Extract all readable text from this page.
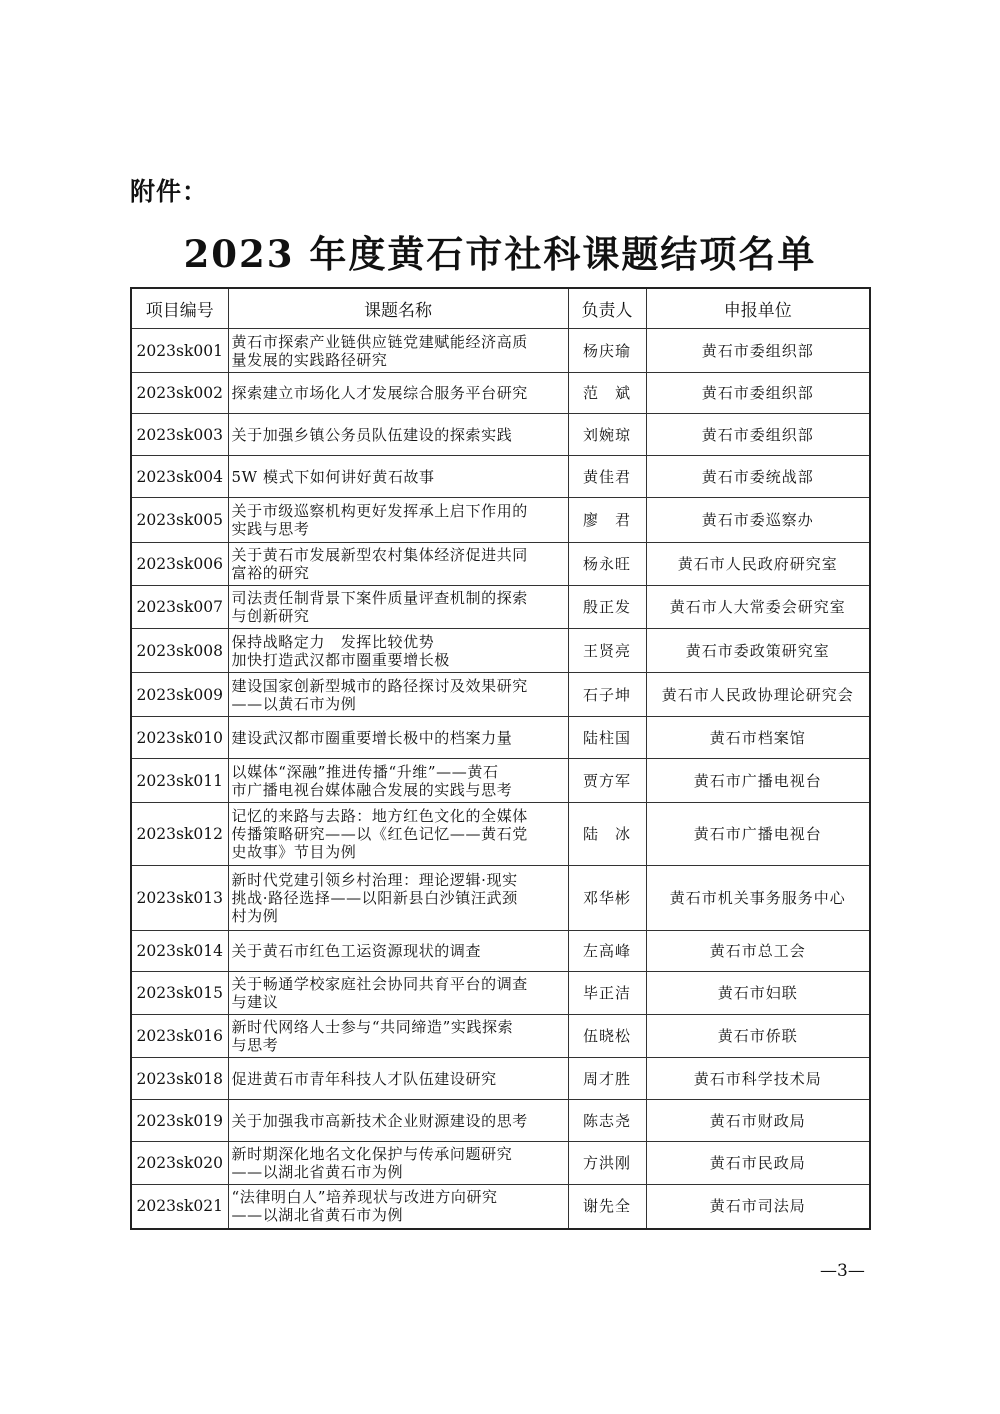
附件：
2023 年度黄石市社科课题结项名单
项目编号	课题名称	负责人	申报单位
2023sk001	黄石市探索产业链供应链党建赋能经济高质
量发展的实践路径研究	杨庆瑜	黄石市委组织部
2023sk002	探索建立市场化人才发展综合服务平台研究	范　斌	黄石市委组织部
2023sk003	关于加强乡镇公务员队伍建设的探索实践	刘婉琼	黄石市委组织部
2023sk004	5W 模式下如何讲好黄石故事	黄佳君	黄石市委统战部
2023sk005	关于市级巡察机构更好发挥承上启下作用的
实践与思考	廖　君	黄石市委巡察办
2023sk006	关于黄石市发展新型农村集体经济促进共同
富裕的研究	杨永旺	黄石市人民政府研究室
2023sk007	司法责任制背景下案件质量评查机制的探索
与创新研究	殷正发	黄石市人大常委会研究室
2023sk008	保持战略定力　发挥比较优势
加快打造武汉都市圈重要增长极	王贤亮	黄石市委政策研究室
2023sk009	建设国家创新型城市的路径探讨及效果研究
——以黄石市为例	石子坤	黄石市人民政协理论研究会
2023sk010	建设武汉都市圈重要增长极中的档案力量	陆柱国	黄石市档案馆
2023sk011	以媒体“深融”推进传播“升维”——黄石
市广播电视台媒体融合发展的实践与思考	贾方军	黄石市广播电视台
2023sk012	记忆的来路与去路：地方红色文化的全媒体
传播策略研究——以《红色记忆——黄石党
史故事》节目为例	陆　冰	黄石市广播电视台
2023sk013	新时代党建引领乡村治理：理论逻辑·现实
挑战·路径选择——以阳新县白沙镇汪武颈
村为例	邓华彬	黄石市机关事务服务中心
2023sk014	关于黄石市红色工运资源现状的调查	左高峰	黄石市总工会
2023sk015	关于畅通学校家庭社会协同共育平台的调查
与建议	毕正洁	黄石市妇联
2023sk016	新时代网络人士参与“共同缔造”实践探索
与思考	伍晓松	黄石市侨联
2023sk018	促进黄石市青年科技人才队伍建设研究	周才胜	黄石市科学技术局
2023sk019	关于加强我市高新技术企业财源建设的思考	陈志尧	黄石市财政局
2023sk020	新时期深化地名文化保护与传承问题研究
——以湖北省黄石市为例	方洪刚	黄石市民政局
2023sk021	“法律明白人”培养现状与改进方向研究
——以湖北省黄石市为例	谢先全	黄石市司法局
—3—
